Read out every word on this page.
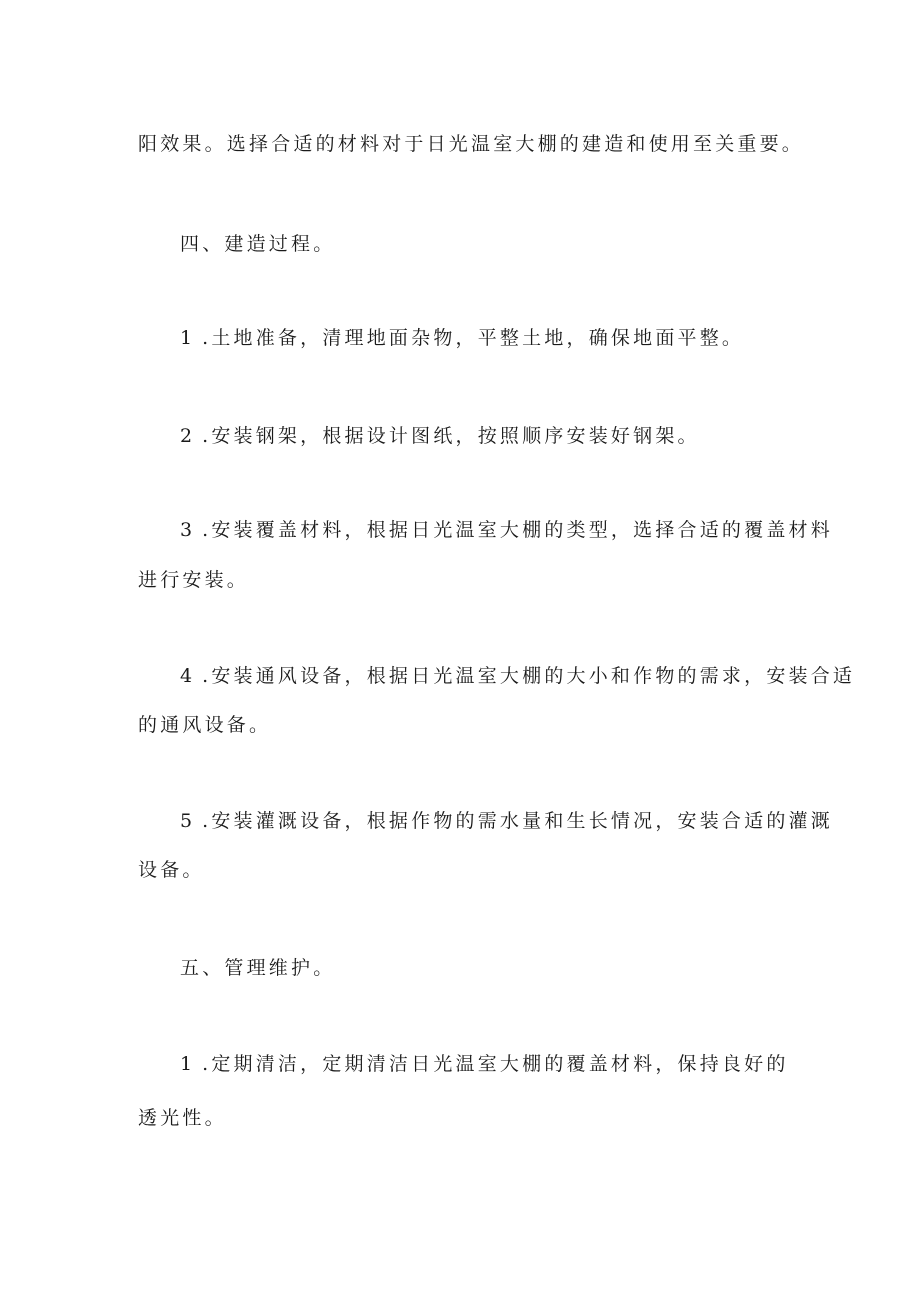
阳效果。选择合适的材料对于日光温室大棚的建造和使用至关重要。
四、建造过程。
1 .土地准备，清理地面杂物，平整土地，确保地面平整。
2 .安装钢架，根据设计图纸，按照顺序安装好钢架。
3 .安装覆盖材料，根据日光温室大棚的类型，选择合适的覆盖材料
进行安装。
4 .安装通风设备，根据日光温室大棚的大小和作物的需求，安装合适
的通风设备。
5 .安装灌溉设备，根据作物的需水量和生长情况，安装合适的灌溉
设备。
五、管理维护。
1 .定期清洁，定期清洁日光温室大棚的覆盖材料，保持良好的
透光性。
